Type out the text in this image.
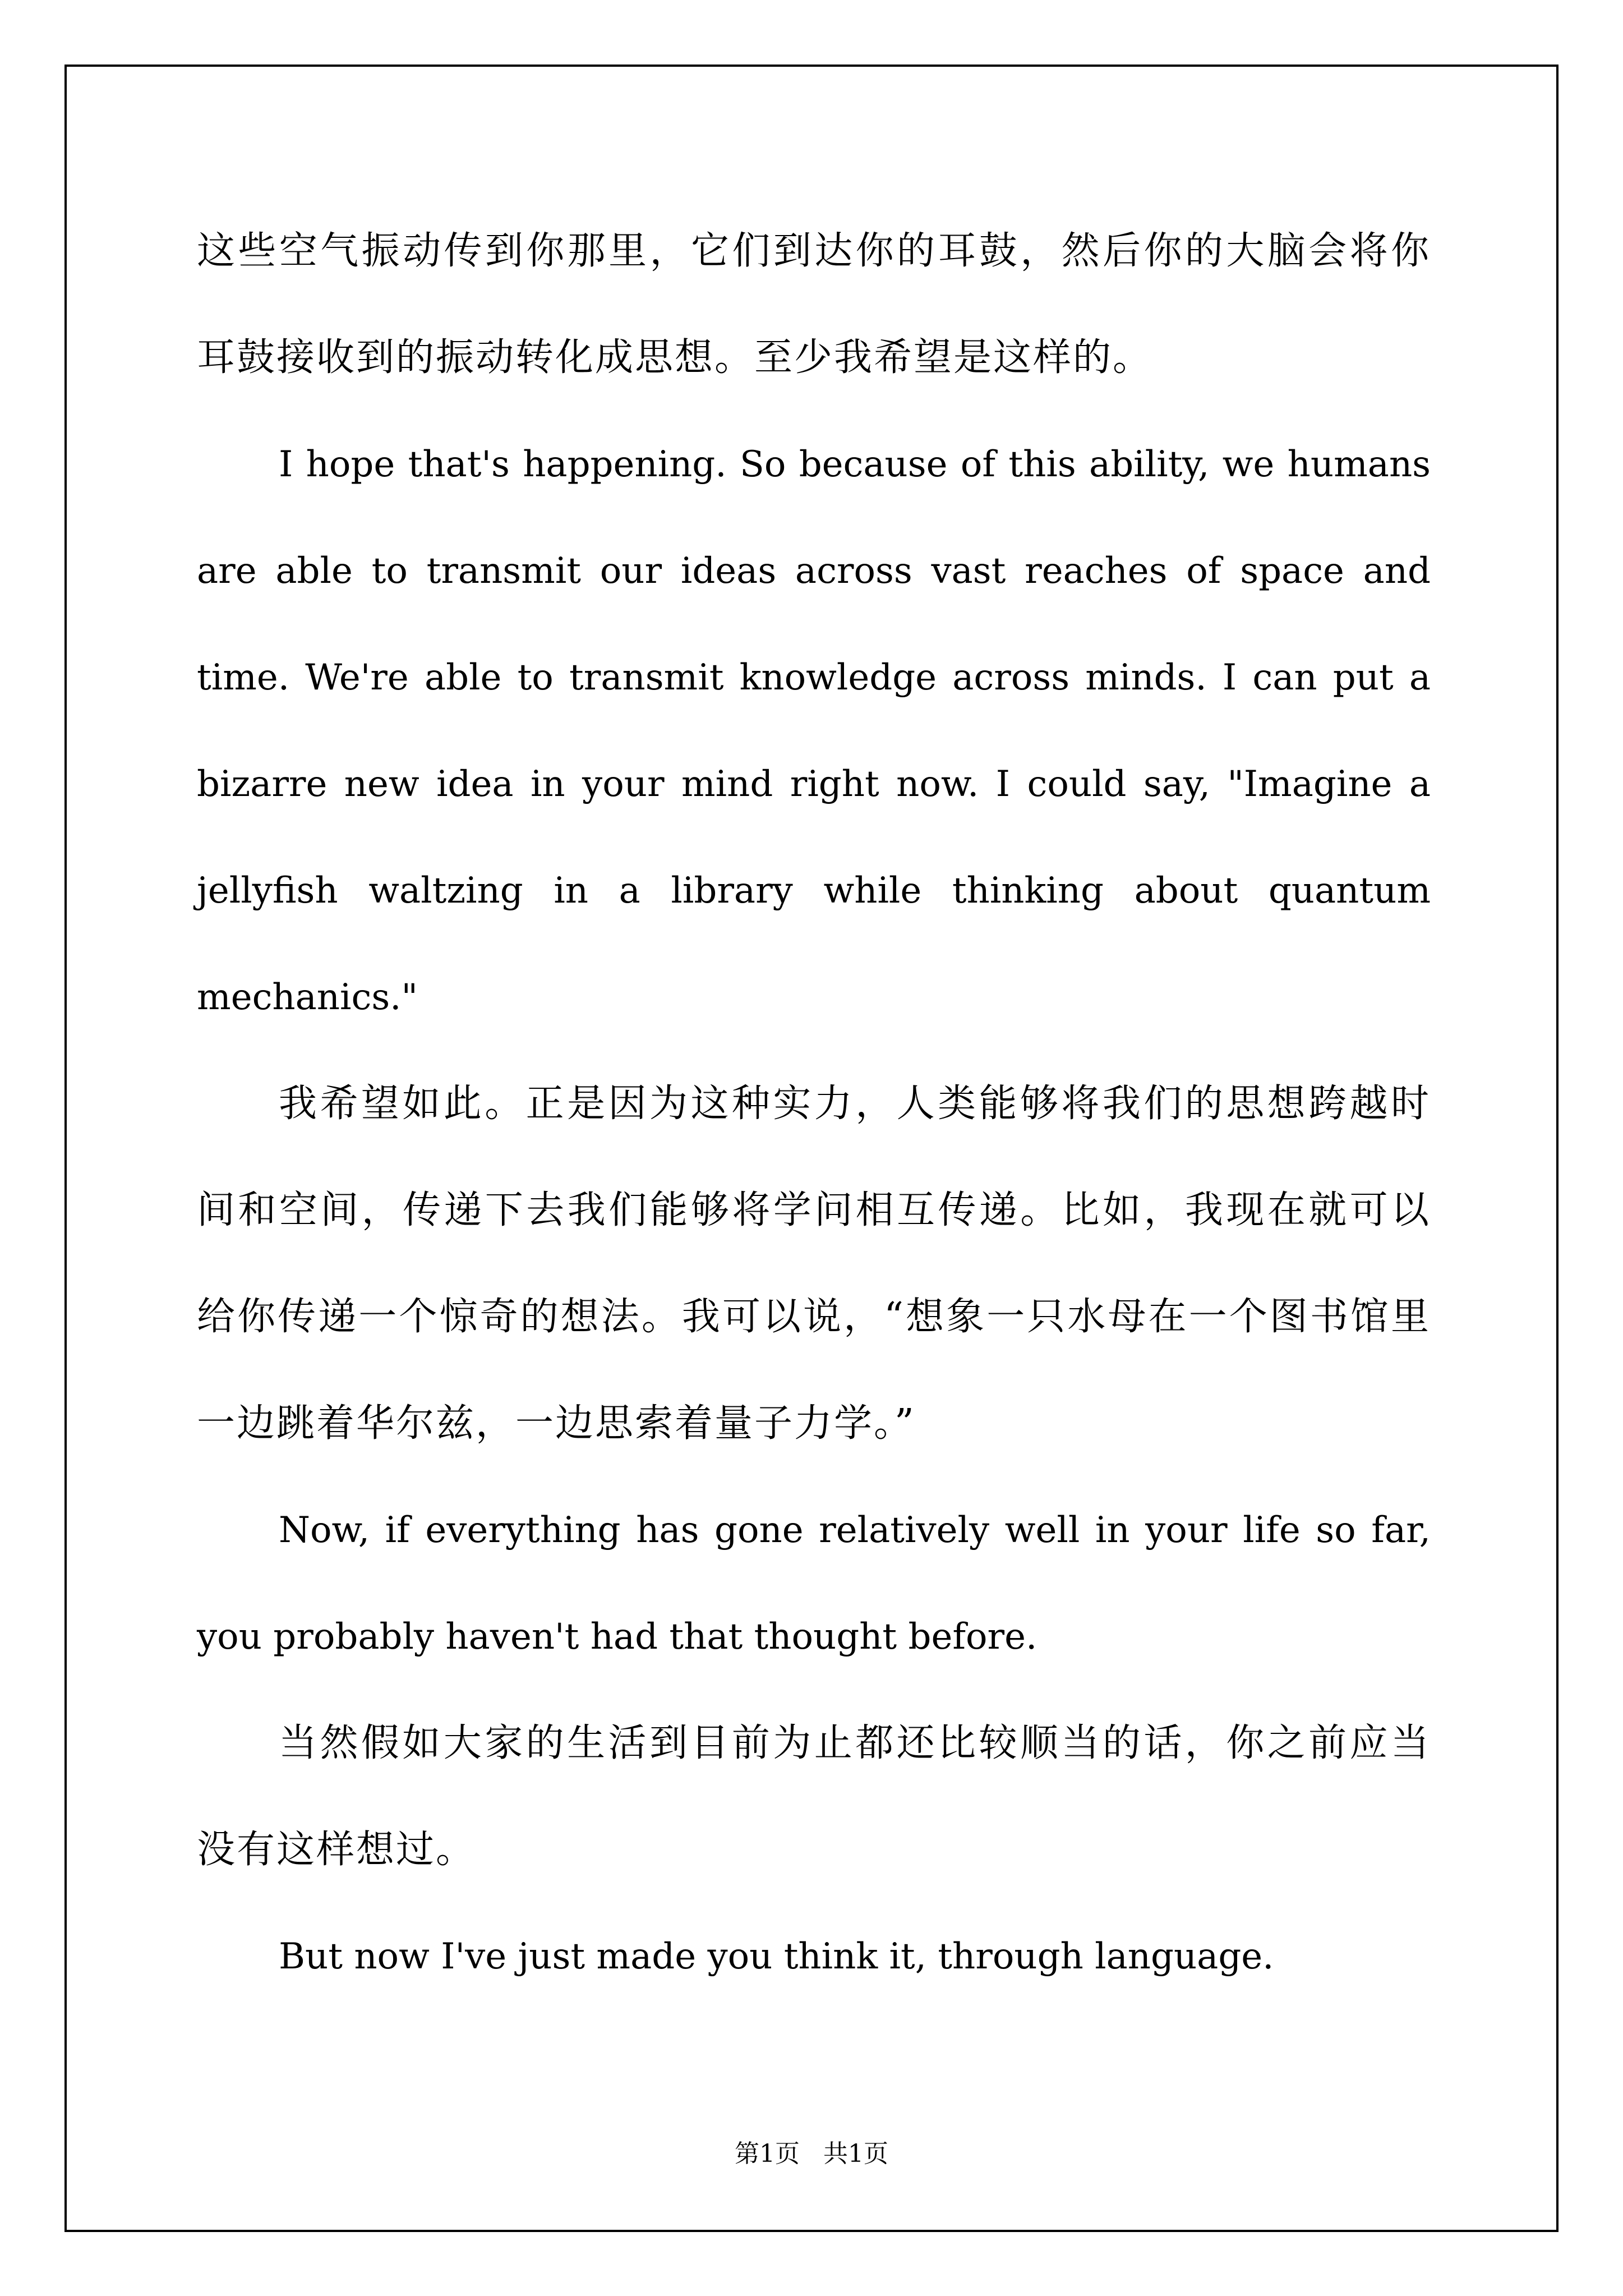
这些空气振动传到你那里，它们到达你的耳鼓，然后你的大脑会将你耳鼓接收到的振动转化成思想。至少我希望是这样的。

I hope that's happening. So because of this ability, we humans are able to transmit our ideas across vast reaches of space and time. We're able to transmit knowledge across minds. I can put a bizarre new idea in your mind right now. I could say, "Imagine a jellyfish waltzing in a library while thinking about quantum mechanics."

我希望如此。正是因为这种实力，人类能够将我们的思想跨越时间和空间，传递下去我们能够将学问相互传递。比如，我现在就可以给你传递一个惊奇的想法。我可以说，“想象一只水母在一个图书馆里一边跳着华尔兹，一边思索着量子力学。”

Now, if everything has gone relatively well in your life so far, you probably haven't had that thought before.

当然假如大家的生活到目前为止都还比较顺当的话，你之前应当没有这样想过。

But now I've just made you think it, through language.

第1页 共1页
